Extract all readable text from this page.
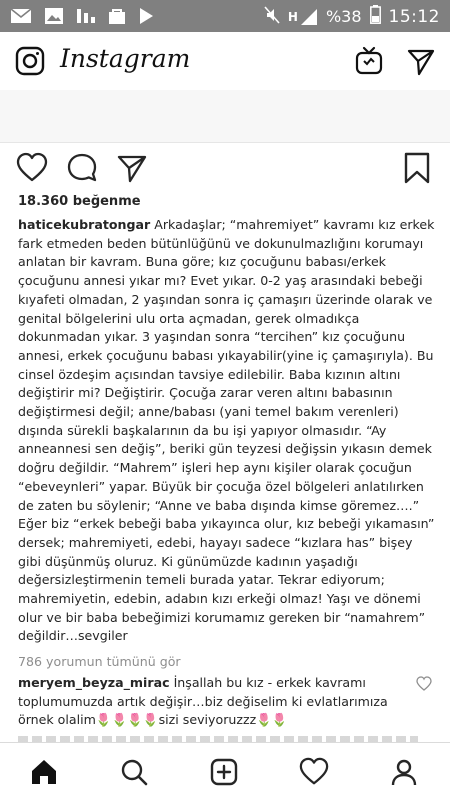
H %38 15:12
Instagram
18.360 beğenme
haticekubratongar Arkadaşlar; “mahremiyet” kavramı kız erkek fark etmeden beden bütünlüğünü ve dokunulmazlığını korumayı anlatan bir kavram. Buna göre; kız çocuğunu babası/erkek çocuğunu annesi yıkar mı? Evet yıkar. 0-2 yaş arasındaki bebeği kıyafeti olmadan, 2 yaşından sonra iç çamaşırı üzerinde olarak ve genital bölgelerini ulu orta açmadan, gerek olmadıkça dokunmadan yıkar. 3 yaşından sonra “tercihen” kız çocuğunu annesi, erkek çocuğunu babası yıkayabilir(yine iç çamaşırıyla). Bu cinsel özdeşim açısından tavsiye edilebilir. Baba kızının altını değiştirir mi? Değiştirir. Çocuğa zarar veren altını babasının değiştirmesi değil; anne/babası (yani temel bakım verenleri) dışında sürekli başkalarının da bu işi yapıyor olmasıdır. “Ay anneannesi sen değiş”, beriki gün teyzesi değişsin yıkasın demek doğru değildir. “Mahrem” işleri hep aynı kişiler olarak çocuğun “ebeveynleri” yapar. Büyük bir çocuğa özel bölgeleri anlatılırken de zaten bu söylenir; “Anne ve baba dışında kimse göremez….” Eğer biz “erkek bebeği baba yıkayınca olur, kız bebeği yıkamasın” dersek; mahremiyeti, edebi, hayayı sadece “kızlara has” bişey gibi düşünmüş oluruz. Ki günümüzde kadının yaşadığı değersizleştirmenin temeli burada yatar. Tekrar ediyorum; mahremiyetin, edebin, adabın kızı erkeği olmaz! Yaşı ve dönemi olur ve bir baba bebeğimizi korumamız gereken bir “namahrem” değildir…sevgiler
786 yorumun tümünü gör
meryem_beyza_mirac İnşallah bu kız - erkek kavramı toplumumuzda artık değişir…biz değiselim ki evlatlarımıza örnek olalim🌷🌷🌷🌷sizi seviyoruzzz🌷🌷
